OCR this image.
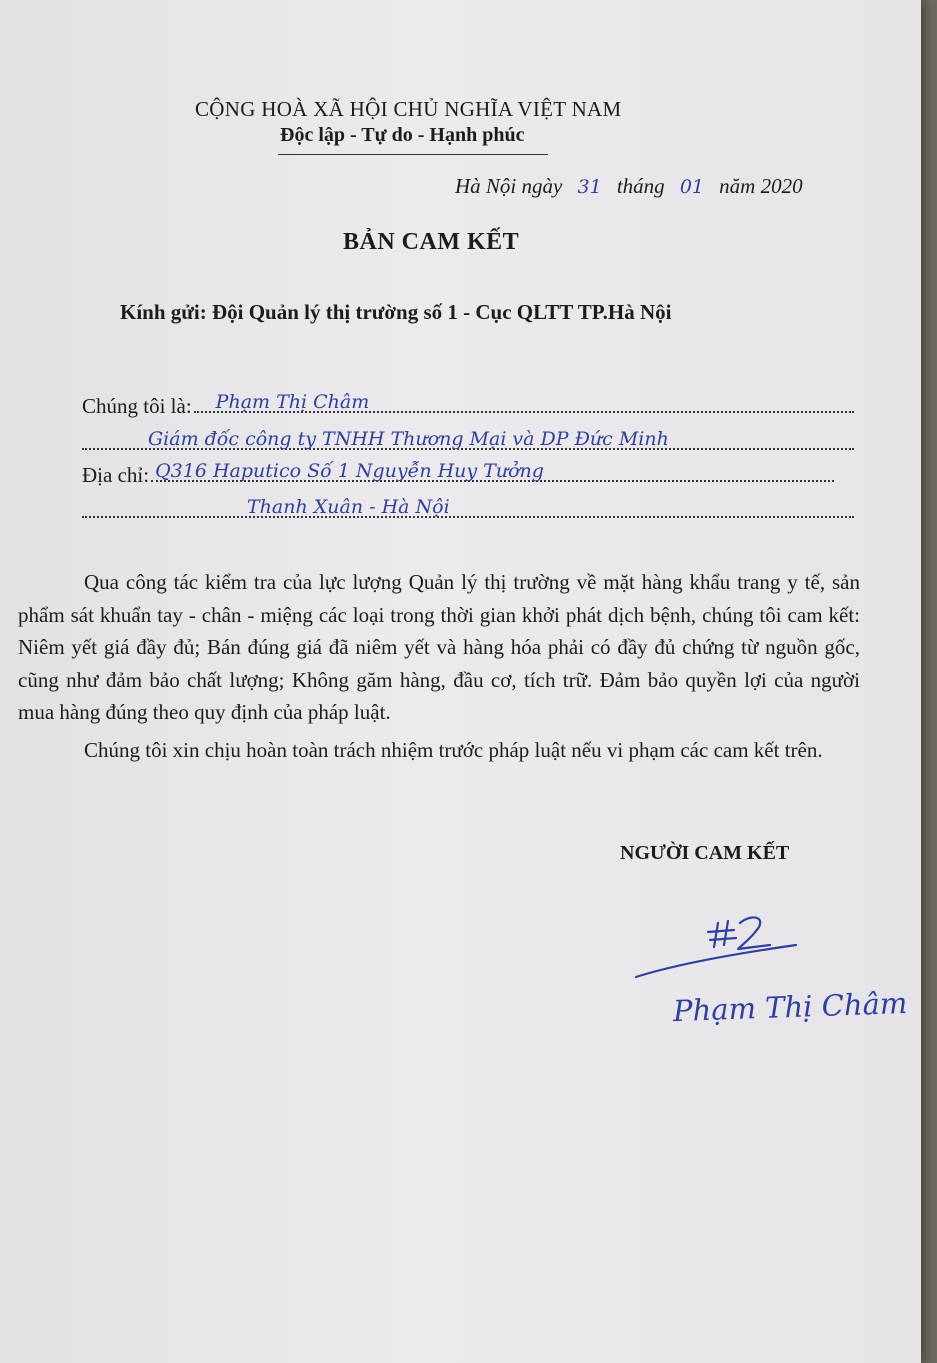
CỘNG HOÀ XÃ HỘI CHỦ NGHĨA VIỆT NAM
Độc lập - Tự do - Hạnh phúc
Hà Nội ngày 31 tháng 01 năm 2020
BẢN CAM KẾT
Kính gửi: Đội Quản lý thị trường số 1 - Cục QLTT TP.Hà Nội
Chúng tôi là: Phạm Thị Châm
Giám đốc công ty TNHH Thương Mại và DP Đức Minh
Địa chỉ: Q316 Haputico Số 1 Nguyễn Huy Tưởng
Thanh Xuân - Hà Nội

Qua công tác kiểm tra của lực lượng Quản lý thị trường về mặt hàng khẩu trang y tế, sản phẩm sát khuẩn tay - chân - miệng các loại trong thời gian khởi phát dịch bệnh, chúng tôi cam kết: Niêm yết giá đầy đủ; Bán đúng giá đã niêm yết và hàng hóa phải có đầy đủ chứng từ nguồn gốc, cũng như đảm bảo chất lượng; Không găm hàng, đầu cơ, tích trữ. Đảm bảo quyền lợi của người mua hàng đúng theo quy định của pháp luật.

Chúng tôi xin chịu hoàn toàn trách nhiệm trước pháp luật nếu vi phạm các cam kết trên.

NGƯỜI CAM KẾT
Phạm Thị Châm
